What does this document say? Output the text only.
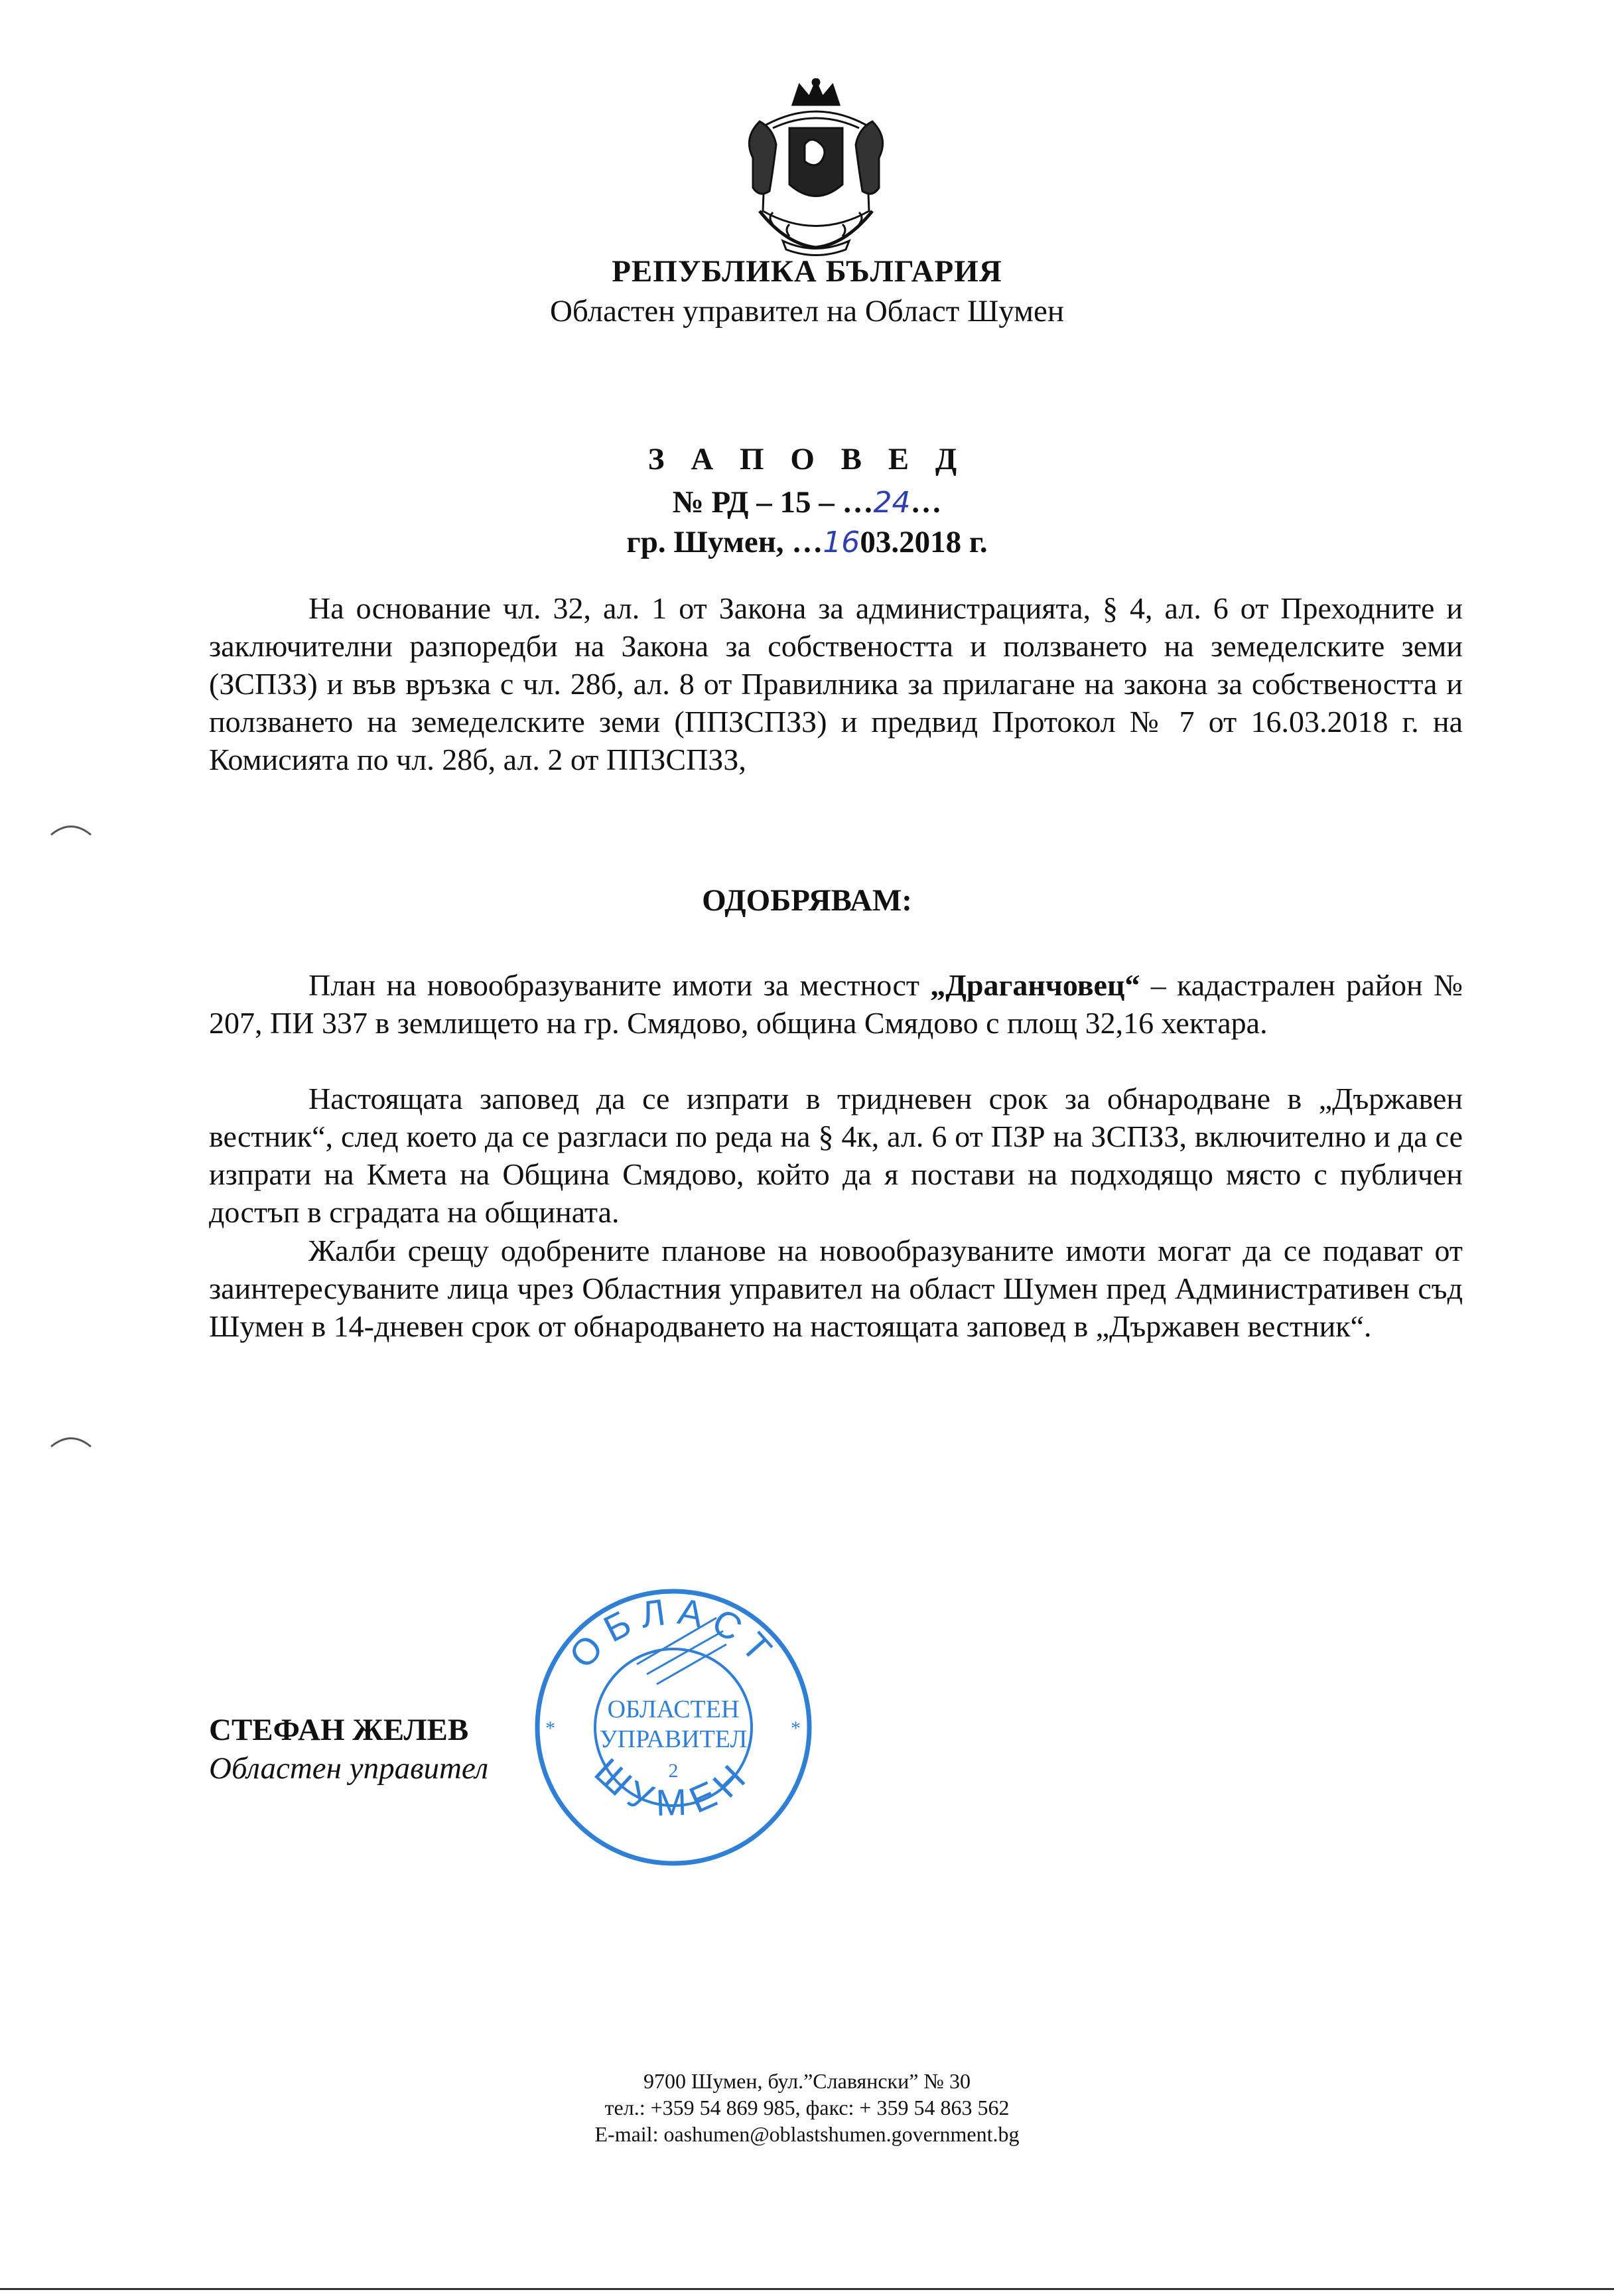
РЕПУБЛИКА БЪЛГАРИЯ
Областен управител на Област Шумен
З А П О В Е Д
№ РД – 15 – …24…
гр. Шумен, …1603.2018 г.

На основание чл. 32, ал. 1 от Закона за администрацията, § 4, ал. 6 от Преходните и заключителни разпоредби на Закона за собствеността и ползването на земеделските земи (ЗСПЗЗ) и във връзка с чл. 28б, ал. 8 от Правилника за прилагане на закона за собствеността и ползването на земеделските земи (ППЗСПЗЗ) и предвид Протокол № 7 от 16.03.2018 г. на Комисията по чл. 28б, ал. 2 от ППЗСПЗЗ,

ОДОБРЯВАМ:

План на новообразуваните имоти за местност „Драганчовец“ – кадастрален район № 207, ПИ 337 в землището на гр. Смядово, община Смядово с площ 32,16 хектара.

Настоящата заповед да се изпрати в тридневен срок за обнародване в „Държавен вестник“, след което да се разгласи по реда на § 4к, ал. 6 от ПЗР на ЗСПЗЗ, включително и да се изпрати на Кмета на Община Смядово, който да я постави на подходящо място с публичен достъп в сградата на общината.

Жалби срещу одобрените планове на новообразуваните имоти могат да се подават от заинтересуваните лица чрез Областния управител на област Шумен пред Административен съд Шумен в 14-дневен срок от обнародването на настоящата заповед в „Държавен вестник“.

ОБЛАСТ
ШУМЕН
ОБЛАСТЕН
УПРАВИТЕЛ
2
*	*
СТЕФАН ЖЕЛЕВ
Областен управител
9700 Шумен, бул.”Славянски” № 30
тел.: +359 54 869 985, факс: + 359 54 863 562
E-mail: oashumen@oblastshumen.government.bg
